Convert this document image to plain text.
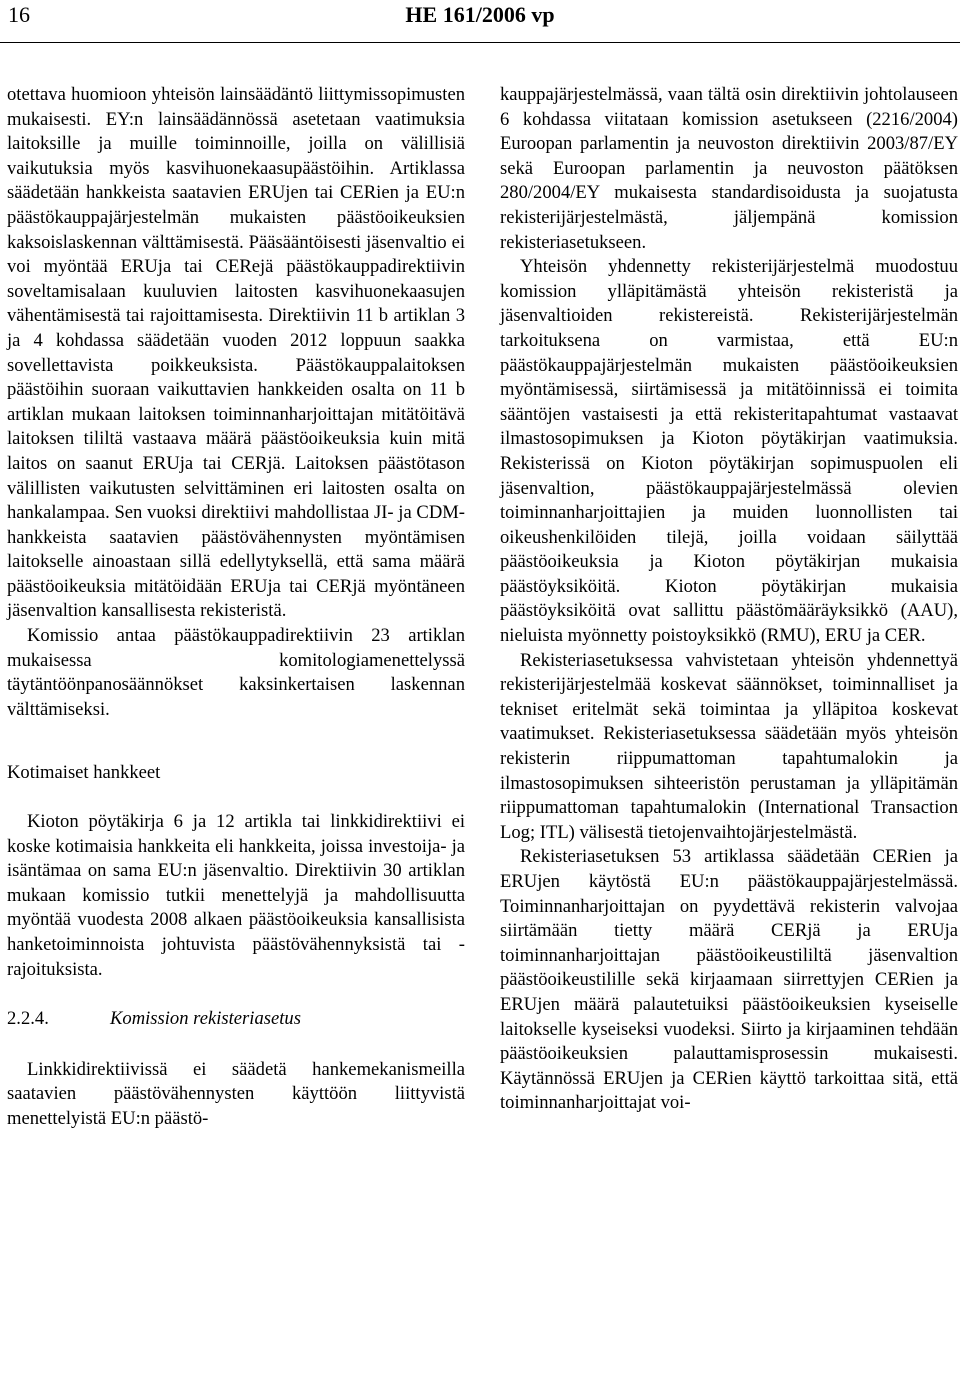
16	HE 161/2006 vp

otettava huomioon yhteisön lainsäädäntö liittymissopimusten mukaisesti. EY:n lainsäädännössä asetetaan vaatimuksia laitoksille ja muille toiminnoille, joilla on välillisiä vaikutuksia myös kasvihuonekaasupäästöihin. Artiklassa säädetään hankkeista saatavien ERUjen tai CERien ja EU:n päästökauppajärjestelmän mukaisten päästöoikeuksien kaksoislaskennan välttämisestä. Pääsääntöisesti jäsenvaltio ei voi myöntää ERUja tai CERejä päästökauppadirektiivin soveltamisalaan kuuluvien laitosten kasvihuonekaasujen vähentämisestä tai rajoittamisesta. Direktiivin 11 b artiklan 3 ja 4 kohdassa säädetään vuoden 2012 loppuun saakka sovellettavista poikkeuksista. Päästökauppalaitoksen päästöihin suoraan vaikuttavien hankkeiden osalta on 11 b artiklan mukaan laitoksen toiminnanharjoittajan mitätöitävä laitoksen tililtä vastaava määrä päästöoikeuksia kuin mitä laitos on saanut ERUja tai CERjä. Laitoksen päästötason välillisten vaikutusten selvittäminen eri laitosten osalta on hankalampaa. Sen vuoksi direktiivi mahdollistaa JI- ja CDM-hankkeista saatavien päästövähennysten myöntämisen laitokselle ainoastaan sillä edellytyksellä, että sama määrä päästöoikeuksia mitätöidään ERUja tai CERjä myöntäneen jäsenvaltion kansallisesta rekisteristä.

Komissio antaa päästökauppadirektiivin 23 artiklan mukaisessa komitologiamenettelyssä täytäntöönpanosäännökset kaksinkertaisen laskennan välttämiseksi.

Kotimaiset hankkeet

Kioton pöytäkirja 6 ja 12 artikla tai linkkidirektiivi ei koske kotimaisia hankkeita eli hankkeita, joissa investoija- ja isäntämaa on sama EU:n jäsenvaltio. Direktiivin 30 artiklan mukaan komissio tutkii menettelyjä ja mahdollisuutta myöntää vuodesta 2008 alkaen päästöoikeuksia kansallisista hanketoiminnoista johtuvista päästövähennyksistä tai -rajoituksista.

2.2.4.	Komission rekisteriasetus

Linkkidirektiivissä ei säädetä hankemekanismeilla saatavien päästövähennysten käyttöön liittyvistä menettelyistä EU:n päästö-

kauppajärjestelmässä, vaan tältä osin direktiivin johtolauseen 6 kohdassa viitataan komission asetukseen (2216/2004) Euroopan parlamentin ja neuvoston direktiivin 2003/87/EY sekä Euroopan parlamentin ja neuvoston päätöksen 280/2004/EY mukaisesta standardisoidusta ja suojatusta rekisterijärjestelmästä, jäljempänä komission rekisteriasetukseen.

Yhteisön yhdennetty rekisterijärjestelmä muodostuu komission ylläpitämästä yhteisön rekisteristä ja jäsenvaltioiden rekistereistä. Rekisterijärjestelmän tarkoituksena on varmistaa, että EU:n päästökauppajärjestelmän mukaisten päästöoikeuksien myöntämisessä, siirtämisessä ja mitätöinnissä ei toimita sääntöjen vastaisesti ja että rekisteritapahtumat vastaavat ilmastosopimuksen ja Kioton pöytäkirjan vaatimuksia. Rekisterissä on Kioton pöytäkirjan sopimuspuolen eli jäsenvaltion, päästökauppajärjestelmässä olevien toiminnanharjoittajien ja muiden luonnollisten tai oikeushenkilöiden tilejä, joilla voidaan säilyttää päästöoikeuksia ja Kioton pöytäkirjan mukaisia päästöyksiköitä. Kioton pöytäkirjan mukaisia päästöyksiköitä ovat sallittu päästömääräyksikkö (AAU), nieluista myönnetty poistoyksikkö (RMU), ERU ja CER.

Rekisteriasetuksessa vahvistetaan yhteisön yhdennettyä rekisterijärjestelmää koskevat säännökset, toiminnalliset ja tekniset eritelmät sekä toimintaa ja ylläpitoa koskevat vaatimukset. Rekisteriasetuksessa säädetään myös yhteisön rekisterin riippumattoman tapahtumalokin ja ilmastosopimuksen sihteeristön perustaman ja ylläpitämän riippumattoman tapahtumalokin (International Transaction Log; ITL) välisestä tietojenvaihtojärjestelmästä.

Rekisteriasetuksen 53 artiklassa säädetään CERien ja ERUjen käytöstä EU:n päästökauppajärjestelmässä. Toiminnanharjoittajan on pyydettävä rekisterin valvojaa siirtämään tietty määrä CERjä ja ERUja toiminnanharjoittajan päästöoikeustililtä jäsenvaltion päästöoikeustilille sekä kirjaamaan siirrettyjen CERien ja ERUjen määrä palautetuiksi päästöoikeuksien kyseiselle laitokselle kyseiseksi vuodeksi. Siirto ja kirjaaminen tehdään päästöoikeuksien palauttamisprosessin mukaisesti. Käytännössä ERUjen ja CERien käyttö tarkoittaa sitä, että toiminnanharjoittajat voi-
